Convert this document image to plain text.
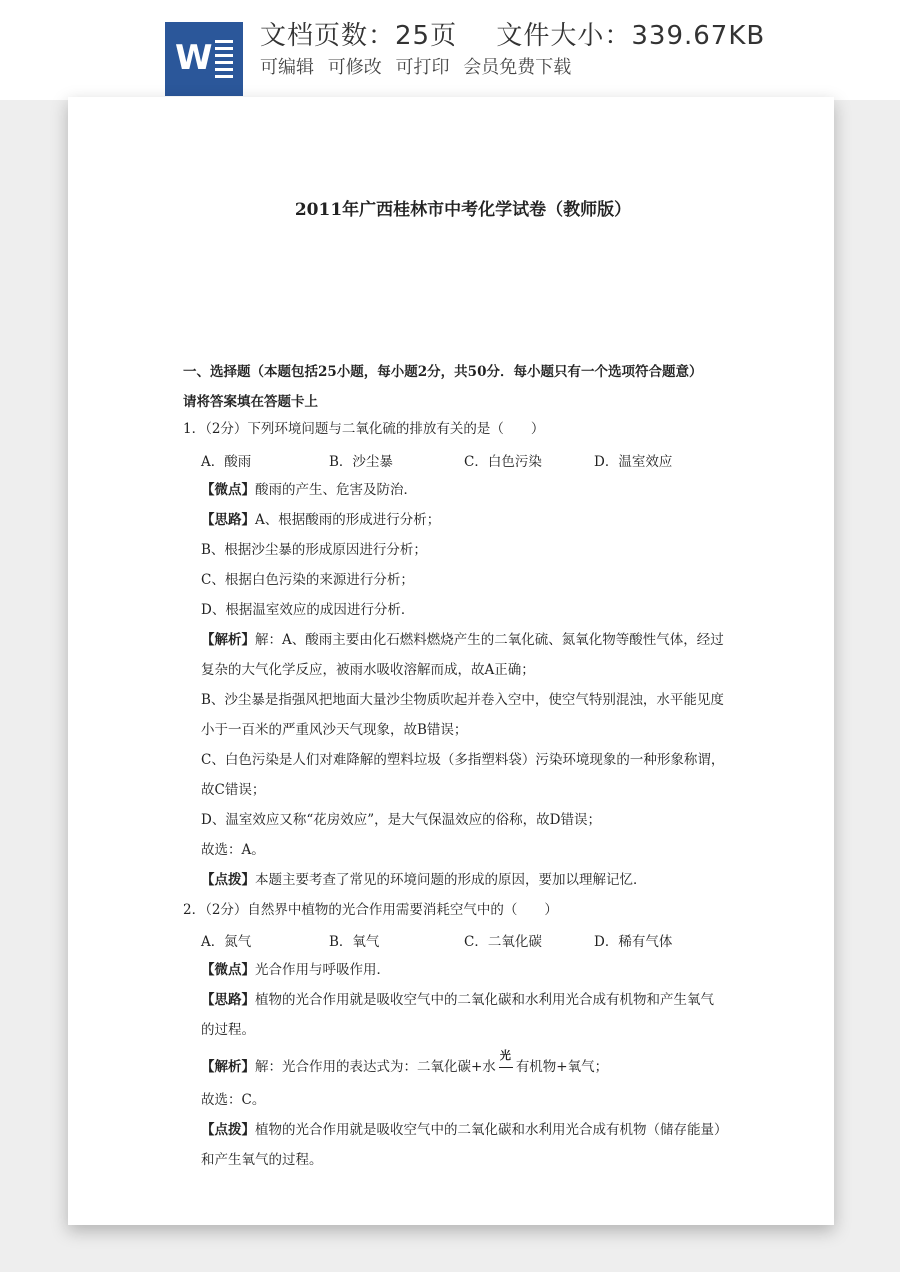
W
文档页数：25页 文件大小：339.67KB
可编辑 可修改 可打印 会员免费下载
2011年广西桂林市中考化学试卷（教师版）
一、选择题（本题包括25小题，每小题2分，共50分．每小题只有一个选项符合题意）
请将答案填在答题卡上
1．（2分）下列环境问题与二氧化硫的排放有关的是（　　）
A．酸雨	B．沙尘暴	C．白色污染	D．温室效应
【微点】酸雨的产生、危害及防治．
【思路】A、根据酸雨的形成进行分析；
B、根据沙尘暴的形成原因进行分析；
C、根据白色污染的来源进行分析；
D、根据温室效应的成因进行分析．
【解析】解：A、酸雨主要由化石燃料燃烧产生的二氧化硫、氮氧化物等酸性气体，经过
复杂的大气化学反应，被雨水吸收溶解而成，故A正确；
B、沙尘暴是指强风把地面大量沙尘物质吹起并卷入空中，使空气特别混浊，水平能见度
小于一百米的严重风沙天气现象，故B错误；
C、白色污染是人们对难降解的塑料垃圾（多指塑料袋）污染环境现象的一种形象称谓，
故C错误；
D、温室效应又称“花房效应”，是大气保温效应的俗称，故D错误；
故选：A。
【点拨】本题主要考查了常见的环境问题的形成的原因，要加以理解记忆．
2．（2分）自然界中植物的光合作用需要消耗空气中的（　　）
A．氮气	B．氧气	C．二氧化碳	D．稀有气体
【微点】光合作用与呼吸作用．
【思路】植物的光合作用就是吸收空气中的二氧化碳和水利用光合成有机物和产生氧气
的过程。
【解析】解：光合作用的表达式为：二氧化碳+水
光
有机物+氧气；
故选：C。
【点拨】植物的光合作用就是吸收空气中的二氧化碳和水利用光合成有机物（储存能量）
和产生氧气的过程。
